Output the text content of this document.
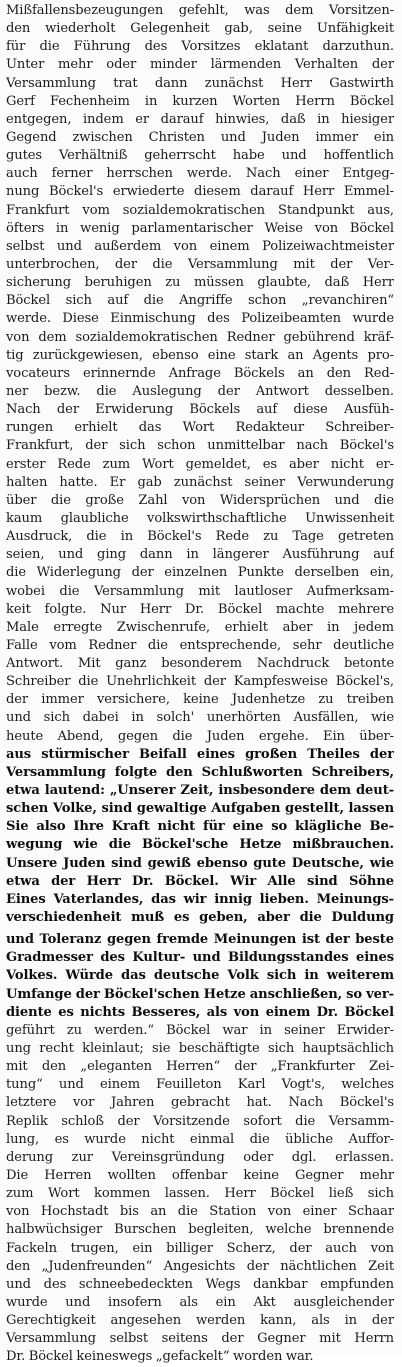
Mißfallensbezeugungen gefehlt, was dem Vorsitzen-
den wiederholt Gelegenheit gab, seine Unfähigkeit
für die Führung des Vorsitzes eklatant darzuthun.
Unter mehr oder minder lärmenden Verhalten der
Versammlung trat dann zunächst Herr Gastwirth
Gerf Fechenheim in kurzen Worten Herrn Böckel
entgegen, indem er darauf hinwies, daß in hiesiger
Gegend zwischen Christen und Juden immer ein
gutes Verhältniß geherrscht habe und hoffentlich
auch ferner herrschen werde. Nach einer Entgeg-
nung Böckel's erwiederte diesem darauf Herr Emmel-
Frankfurt vom sozialdemokratischen Standpunkt aus,
öfters in wenig parlamentarischer Weise von Böckel
selbst und außerdem von einem Polizeiwachtmeister
unterbrochen, der die Versammlung mit der Ver-
sicherung beruhigen zu müssen glaubte, daß Herr
Böckel sich auf die Angriffe schon „revanchiren“
werde. Diese Einmischung des Polizeibeamten wurde
von dem sozialdemokratischen Redner gebührend kräf-
tig zurückgewiesen, ebenso eine stark an Agents pro-
vocateurs erinnernde Anfrage Böckels an den Red-
ner bezw. die Auslegung der Antwort desselben.
Nach der Erwiderung Böckels auf diese Ausfüh-
rungen erhielt das Wort Redakteur Schreiber-
Frankfurt, der sich schon unmittelbar nach Böckel's
erster Rede zum Wort gemeldet, es aber nicht er-
halten hatte. Er gab zunächst seiner Verwunderung
über die große Zahl von Widersprüchen und die
kaum glaubliche volkswirthschaftliche Unwissenheit
Ausdruck, die in Böckel's Rede zu Tage getreten
seien, und ging dann in längerer Ausführung auf
die Widerlegung der einzelnen Punkte derselben ein,
wobei die Versammlung mit lautloser Aufmerksam-
keit folgte. Nur Herr Dr. Böckel machte mehrere
Male erregte Zwischenrufe, erhielt aber in jedem
Falle vom Redner die entsprechende, sehr deutliche
Antwort. Mit ganz besonderem Nachdruck betonte
Schreiber die Unehrlichkeit der Kampfesweise Böckel's,
der immer versichere, keine Judenhetze zu treiben
und sich dabei in solch' unerhörten Ausfällen, wie
heute Abend, gegen die Juden ergehe. Ein über-
aus stürmischer Beifall eines großen Theiles der
Versammlung folgte den Schlußworten Schreibers,
etwa lautend: „Unserer Zeit, insbesondere dem deut-
schen Volke, sind gewaltige Aufgaben gestellt, lassen
Sie also Ihre Kraft nicht für eine so klägliche Be-
wegung wie die Böckel'sche Hetze mißbrauchen.
Unsere Juden sind gewiß ebenso gute Deutsche, wie
etwa der Herr Dr. Böckel. Wir Alle sind Söhne
Eines Vaterlandes, das wir innig lieben. Meinungs-
verschiedenheit muß es geben, aber die Duldung
und Toleranz gegen fremde Meinungen ist der beste
Gradmesser des Kultur- und Bildungsstandes eines
Volkes. Würde das deutsche Volk sich in weiterem
Umfange der Böckel'schen Hetze anschließen, so ver-
diente es nichts Besseres, als von einem Dr. Böckel
geführt zu werden.“ Böckel war in seiner Erwider-
ung recht kleinlaut; sie beschäftigte sich hauptsächlich
mit den „eleganten Herren“ der „Frankfurter Zei-
tung“ und einem Feuilleton Karl Vogt's, welches
letztere vor Jahren gebracht hat. Nach Böckel's
Replik schloß der Vorsitzende sofort die Versamm-
lung, es wurde nicht einmal die übliche Auffor-
derung zur Vereinsgründung oder dgl. erlassen.
Die Herren wollten offenbar keine Gegner mehr
zum Wort kommen lassen. Herr Böckel ließ sich
von Hochstadt bis an die Station von einer Schaar
halbwüchsiger Burschen begleiten, welche brennende
Fackeln trugen, ein billiger Scherz, der auch von
den „Judenfreunden“ Angesichts der nächtlichen Zeit
und des schneebedeckten Wegs dankbar empfunden
wurde und insofern als ein Akt ausgleichender
Gerechtigkeit angesehen werden kann, als in der
Versammlung selbst seitens der Gegner mit Herrn
Dr. Böckel keineswegs „gefackelt“ worden war.
